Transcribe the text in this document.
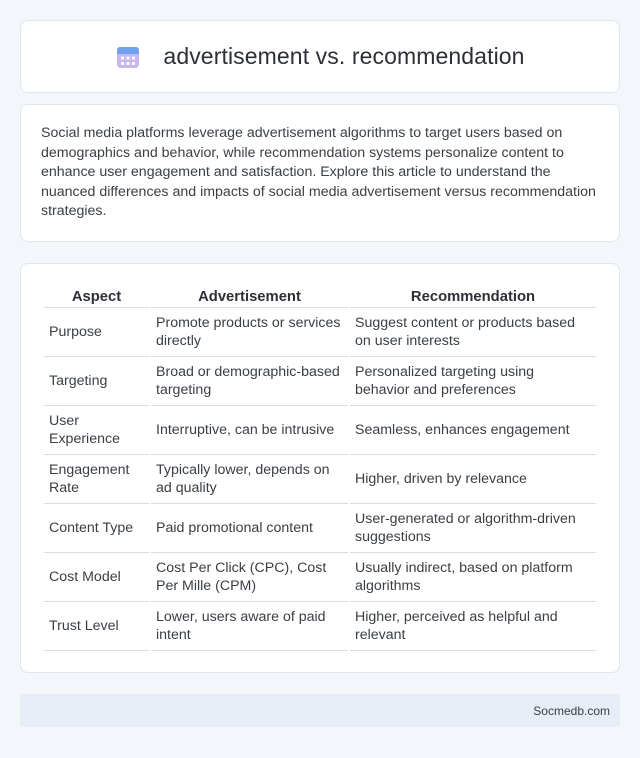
advertisement vs. recommendation

Social media platforms leverage advertisement algorithms to target users based on demographics and behavior, while recommendation systems personalize content to enhance user engagement and satisfaction. Explore this article to understand the nuanced differences and impacts of social media advertisement versus recommendation strategies.

Aspect	Advertisement	Recommendation
Purpose	Promote products or services directly	Suggest content or products based on user interests
Targeting	Broad or demographic-based targeting	Personalized targeting using behavior and preferences
User Experience	Interruptive, can be intrusive	Seamless, enhances engagement
Engagement Rate	Typically lower, depends on ad quality	Higher, driven by relevance
Content Type	Paid promotional content	User-generated or algorithm-driven suggestions
Cost Model	Cost Per Click (CPC), Cost Per Mille (CPM)	Usually indirect, based on platform algorithms
Trust Level	Lower, users aware of paid intent	Higher, perceived as helpful and relevant
Socmedb.com
